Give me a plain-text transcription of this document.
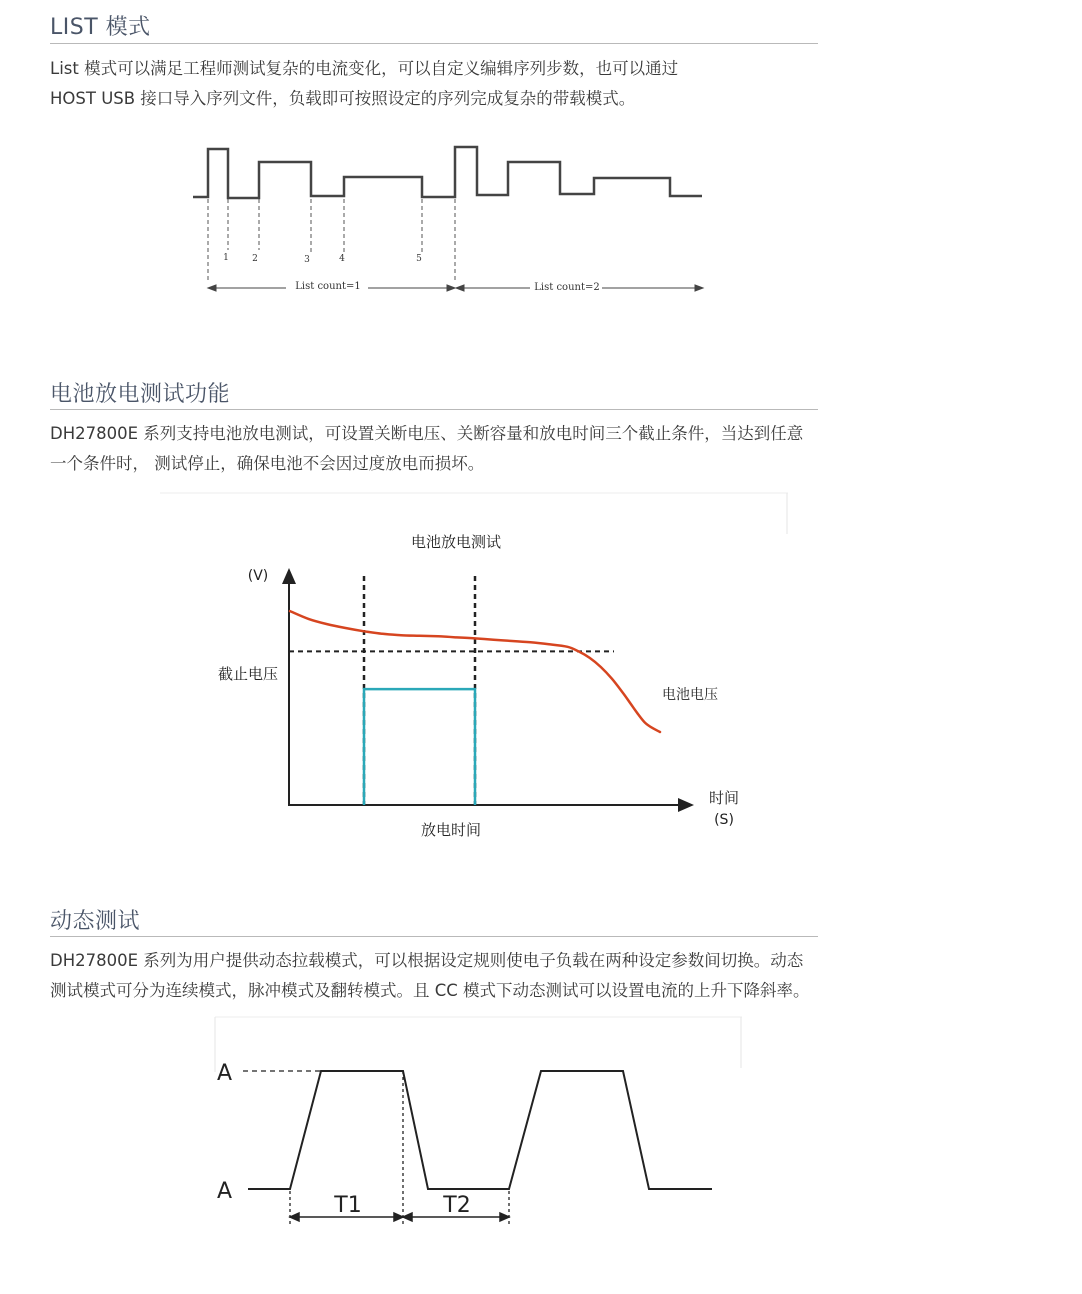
LIST 模式

List 模式可以满足工程师测试复杂的电流变化，可以自定义编辑序列步数，也可以通过
HOST USB 接口导入序列文件，负载即可按照设定的序列完成复杂的带载模式。

1	2	3	4	5
List count=1	List count=2
电池放电测试功能

DH27800E 系列支持电池放电测试，可设置关断电压、关断容量和放电时间三个截止条件，当达到任意
一个条件时， 测试停止，确保电池不会因过度放电而损坏。

电池放电测试
(V)
截止电压
电池电压
放电时间
时间
(S)
动态测试

DH27800E 系列为用户提供动态拉载模式，可以根据设定规则使电子负载在两种设定参数间切换。动态
测试模式可分为连续模式，脉冲模式及翻转模式。且 CC 模式下动态测试可以设置电流的上升下降斜率。

A
A
T1	T2
